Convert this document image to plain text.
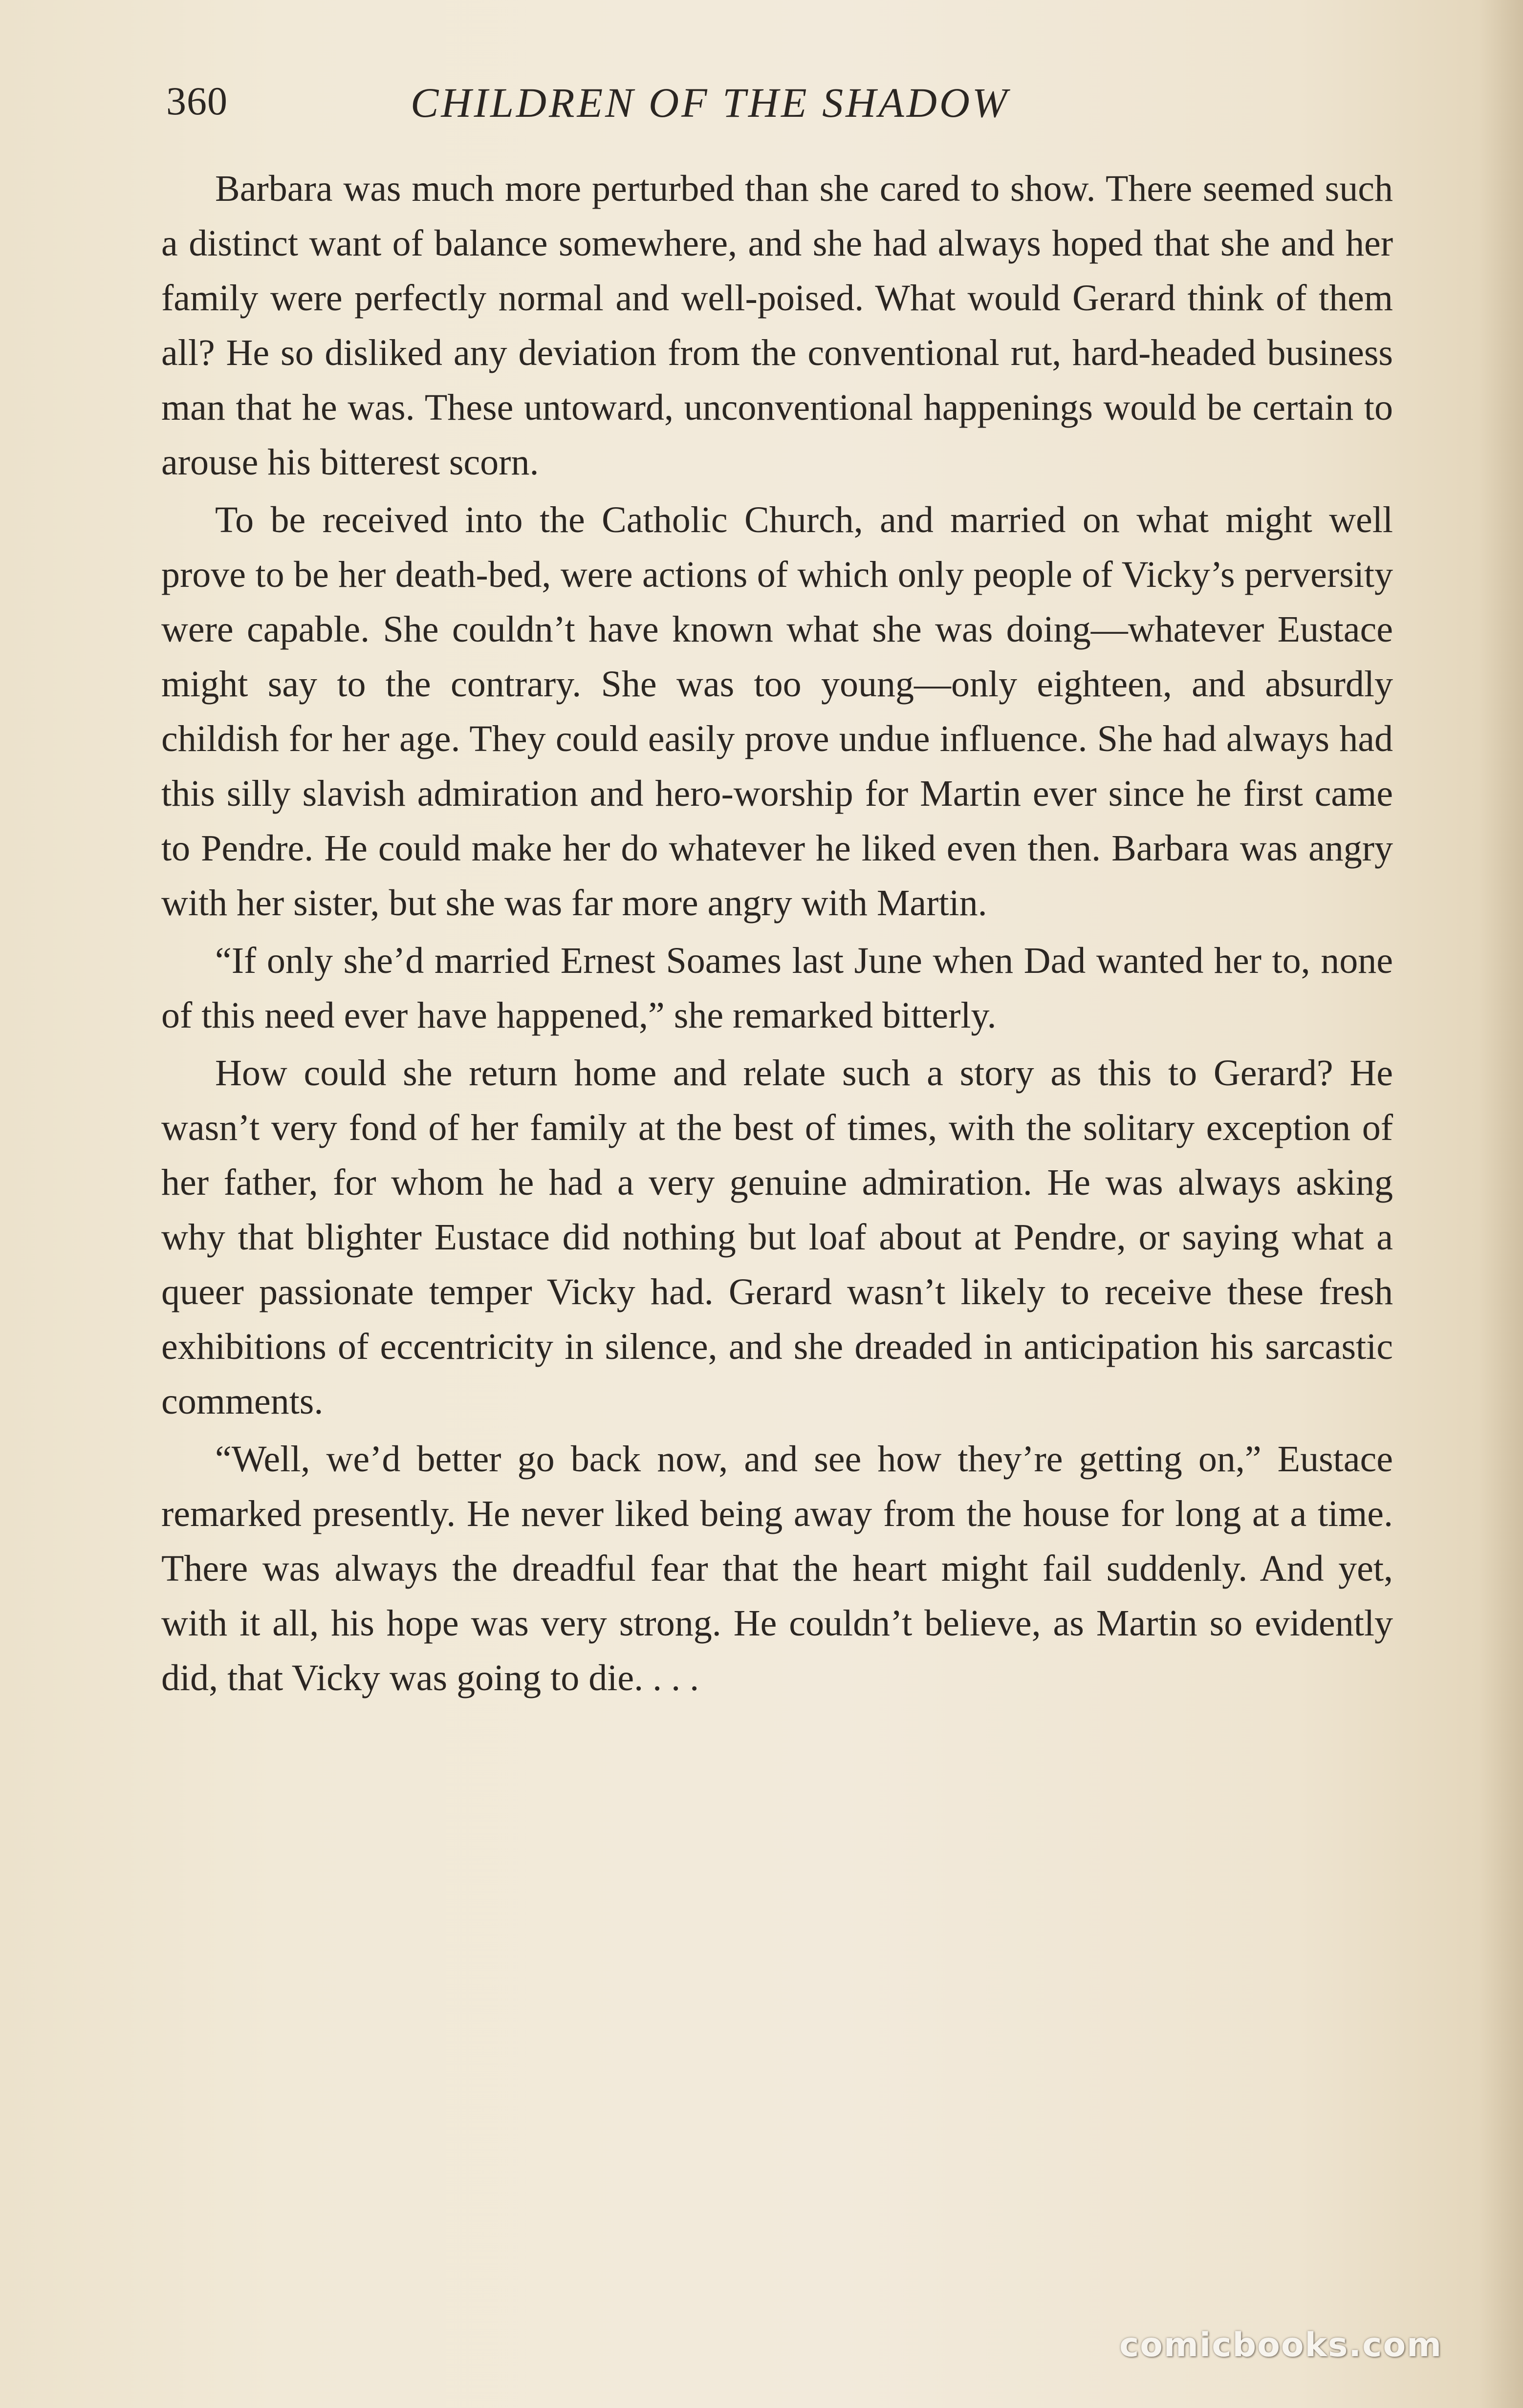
360	CHILDREN OF THE SHADOW

Barbara was much more perturbed than she cared to show. There seemed such a distinct want of balance somewhere, and she had always hoped that she and her family were perfectly normal and well-poised. What would Gerard think of them all? He so disliked any deviation from the conventional rut, hard-headed business man that he was. These untoward, unconventional happenings would be certain to arouse his bitterest scorn.

To be received into the Catholic Church, and married on what might well prove to be her death-bed, were actions of which only people of Vicky’s perversity were capable. She couldn’t have known what she was doing—whatever Eustace might say to the contrary. She was too young—only eighteen, and absurdly childish for her age. They could easily prove undue influence. She had always had this silly slavish admiration and hero-worship for Martin ever since he first came to Pendre. He could make her do whatever he liked even then. Barbara was angry with her sister, but she was far more angry with Martin.

“If only she’d married Ernest Soames last June when Dad wanted her to, none of this need ever have happened,” she remarked bitterly.

How could she return home and relate such a story as this to Gerard? He wasn’t very fond of her family at the best of times, with the solitary exception of her father, for whom he had a very genuine admiration. He was always asking why that blighter Eustace did nothing but loaf about at Pendre, or saying what a queer passionate temper Vicky had. Gerard wasn’t likely to receive these fresh exhibitions of eccentricity in silence, and she dreaded in anticipation his sarcastic comments.

“Well, we’d better go back now, and see how they’re getting on,” Eustace remarked presently. He never liked being away from the house for long at a time. There was always the dreadful fear that the heart might fail suddenly. And yet, with it all, his hope was very strong. He couldn’t believe, as Martin so evidently did, that Vicky was going to die. . . .

comicbooks.com
